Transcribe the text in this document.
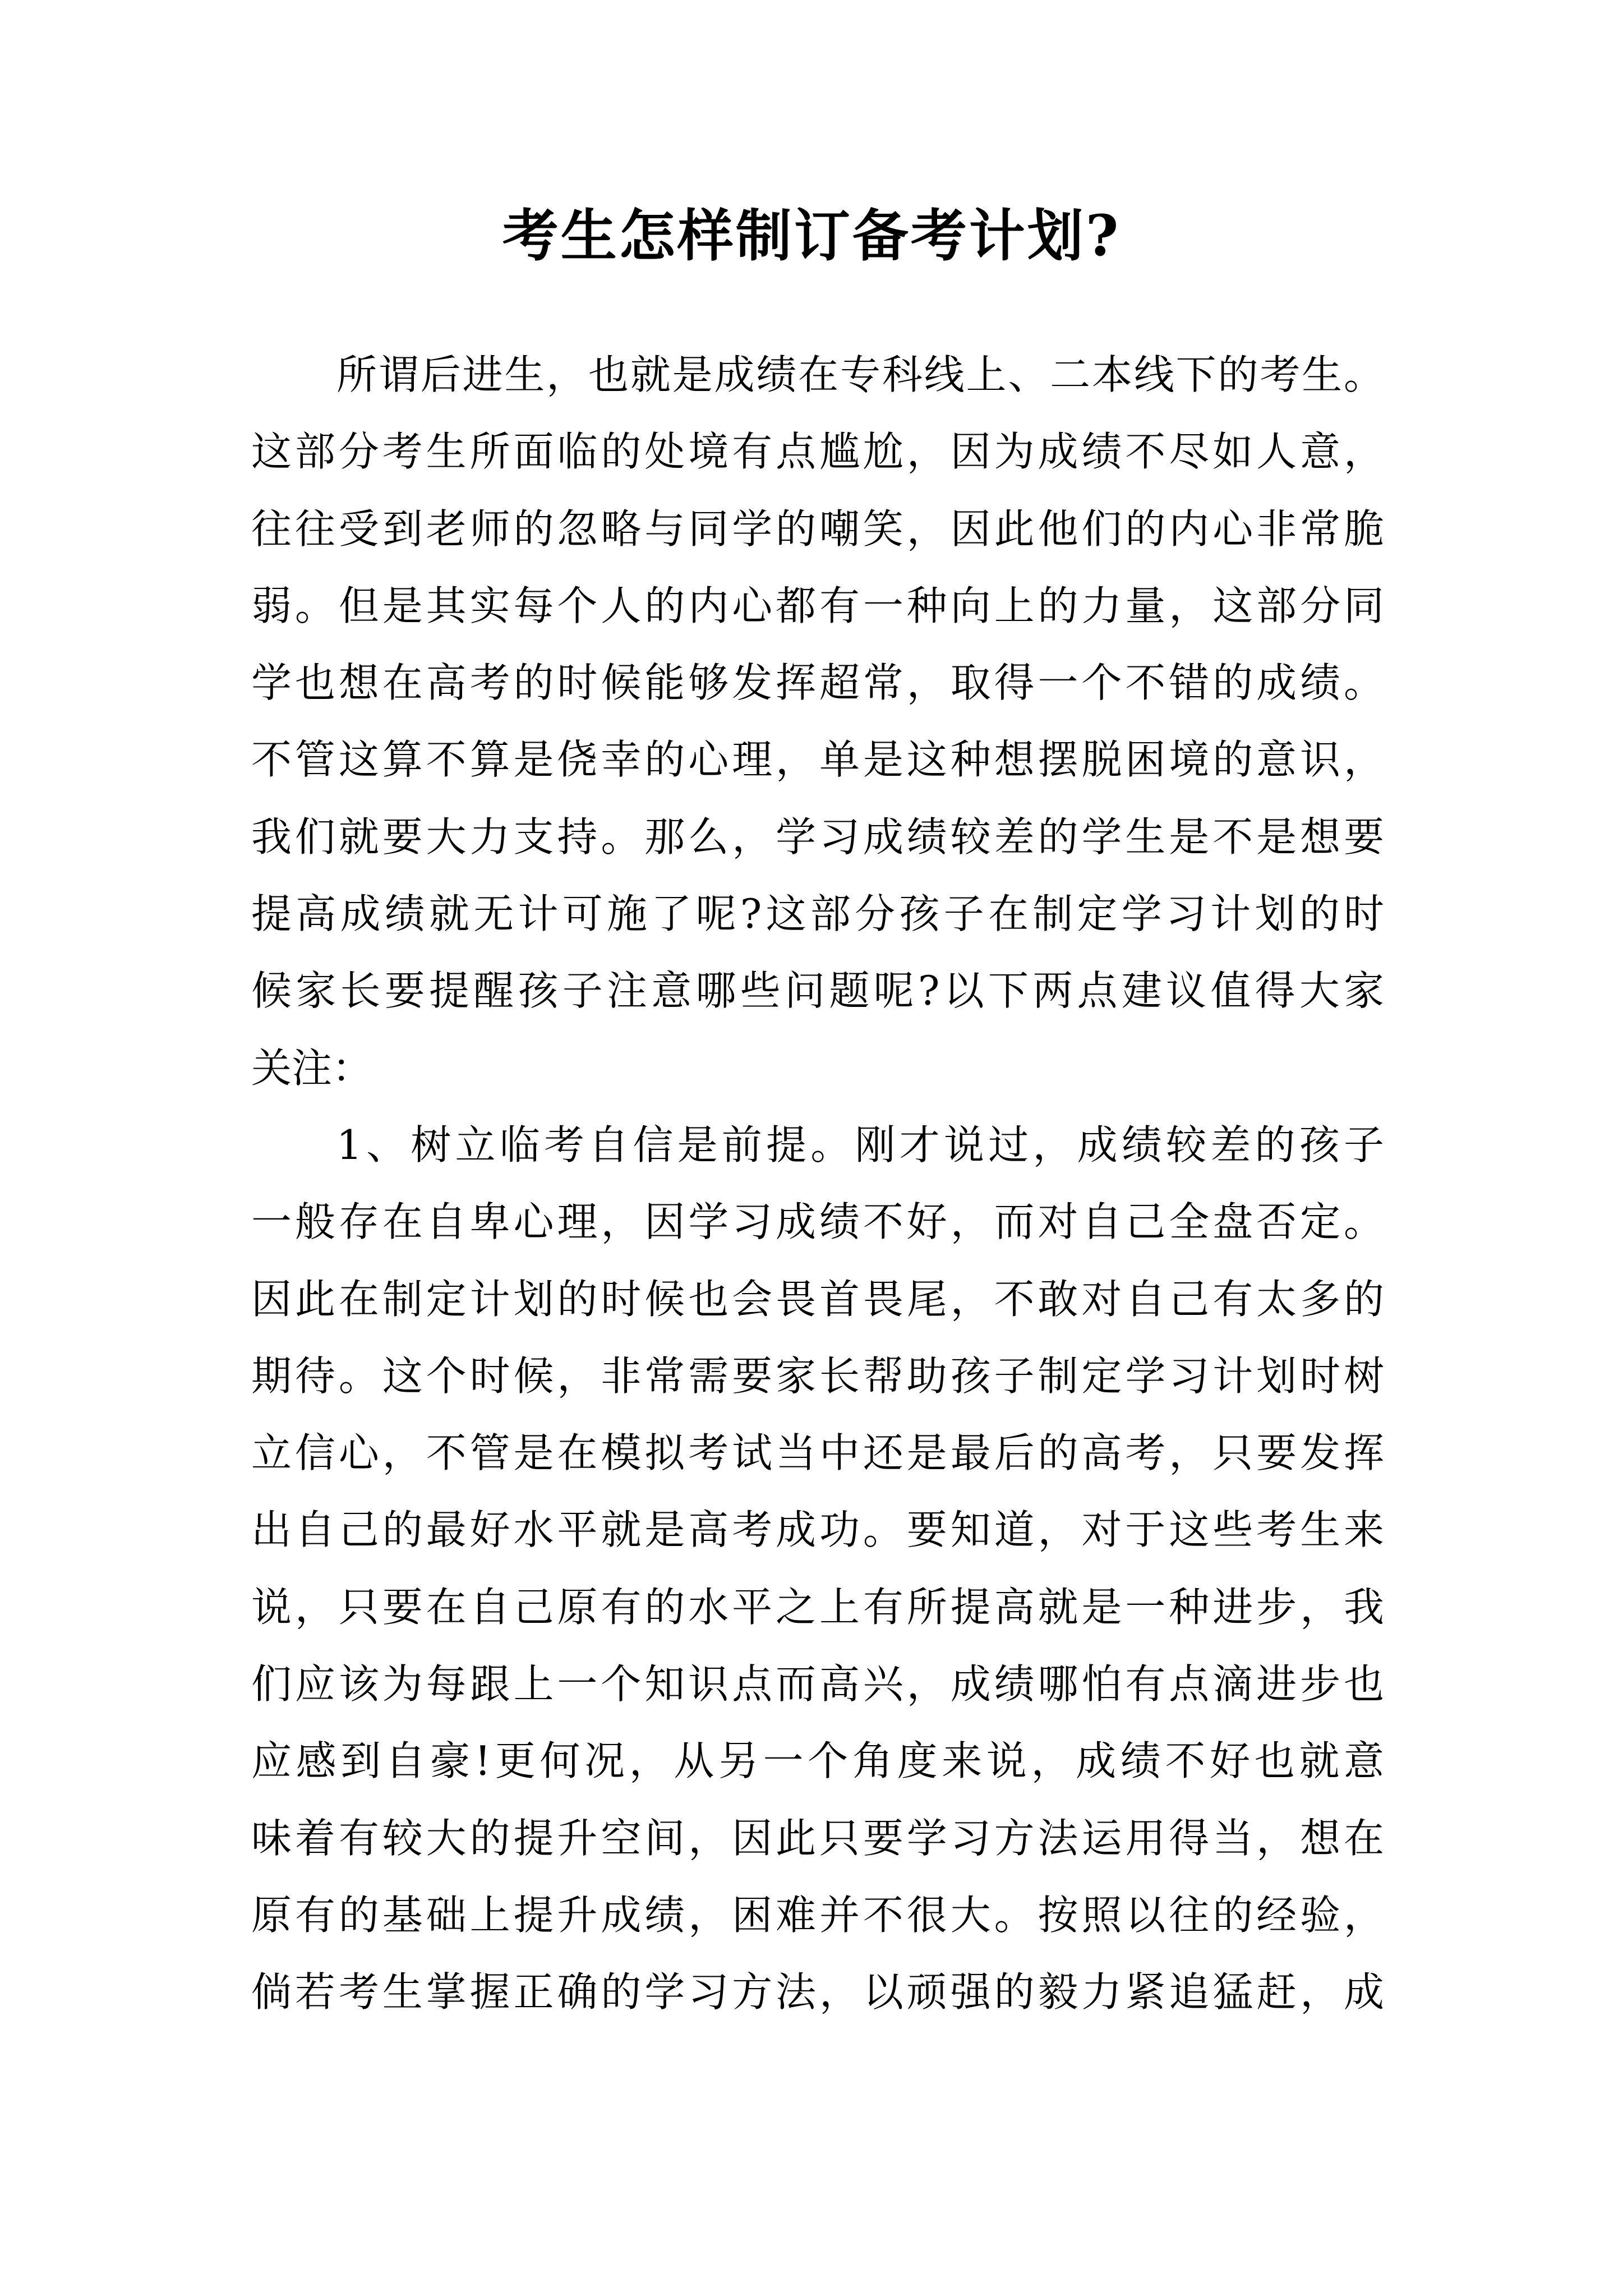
考生怎样制订备考计划?
所谓后进生，也就是成绩在专科线上、二本线下的考生。
这部分考生所面临的处境有点尴尬，因为成绩不尽如人意，
往往受到老师的忽略与同学的嘲笑，因此他们的内心非常脆
弱。但是其实每个人的内心都有一种向上的力量，这部分同
学也想在高考的时候能够发挥超常，取得一个不错的成绩。
不管这算不算是侥幸的心理，单是这种想摆脱困境的意识，
我们就要大力支持。那么，学习成绩较差的学生是不是想要
提高成绩就无计可施了呢?这部分孩子在制定学习计划的时
候家长要提醒孩子注意哪些问题呢?以下两点建议值得大家
关注：
1、树立临考自信是前提。刚才说过，成绩较差的孩子
一般存在自卑心理，因学习成绩不好，而对自己全盘否定。
因此在制定计划的时候也会畏首畏尾，不敢对自己有太多的
期待。这个时候，非常需要家长帮助孩子制定学习计划时树
立信心，不管是在模拟考试当中还是最后的高考，只要发挥
出自己的最好水平就是高考成功。要知道，对于这些考生来
说，只要在自己原有的水平之上有所提高就是一种进步，我
们应该为每跟上一个知识点而高兴，成绩哪怕有点滴进步也
应感到自豪!更何况，从另一个角度来说，成绩不好也就意
味着有较大的提升空间，因此只要学习方法运用得当，想在
原有的基础上提升成绩，困难并不很大。按照以往的经验，
倘若考生掌握正确的学习方法，以顽强的毅力紧追猛赶，成
